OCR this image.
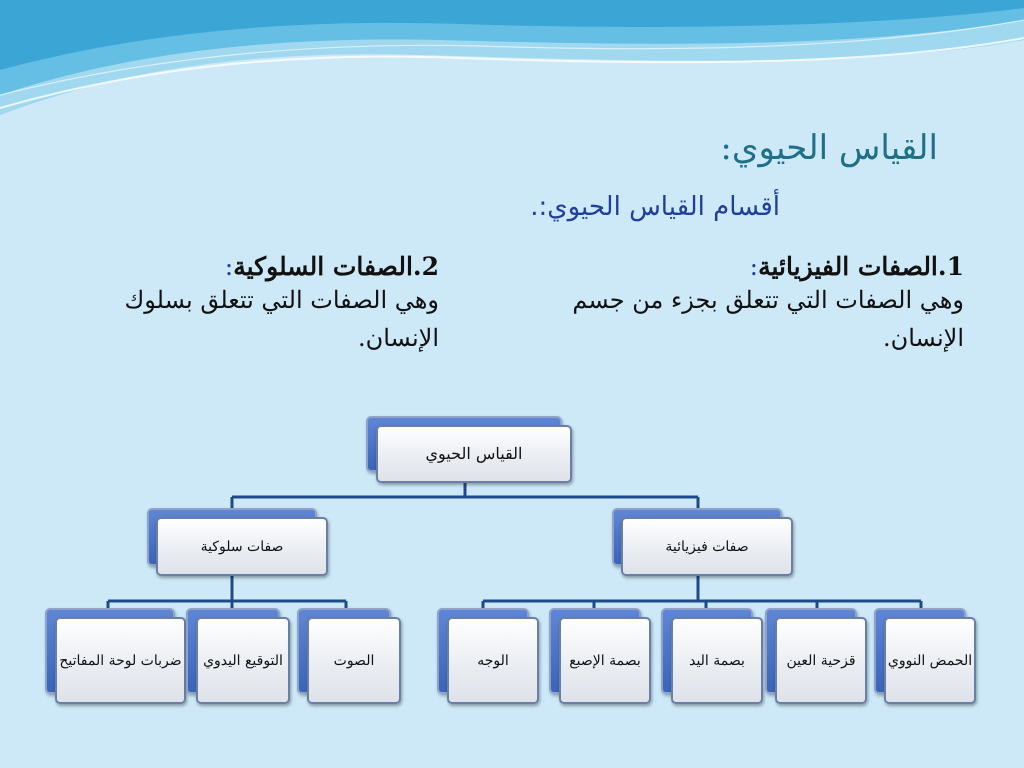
القياس الحيوي:
أقسام القياس الحيوي:.
1.الصفات الفيزيائية:
وهي الصفات التي تتعلق بجزء من جسم الإنسان.
2.الصفات السلوكية:
وهي الصفات التي تتعلق بسلوك الإنسان.
القياس الحيوي
صفات سلوكية	صفات فيزيائية
ضربات لوحة المفاتيح	التوقيع اليدوي	الصوت	الوجه	بصمة الإصبع	بصمة اليد	قزحية العين	الحمض النووي
